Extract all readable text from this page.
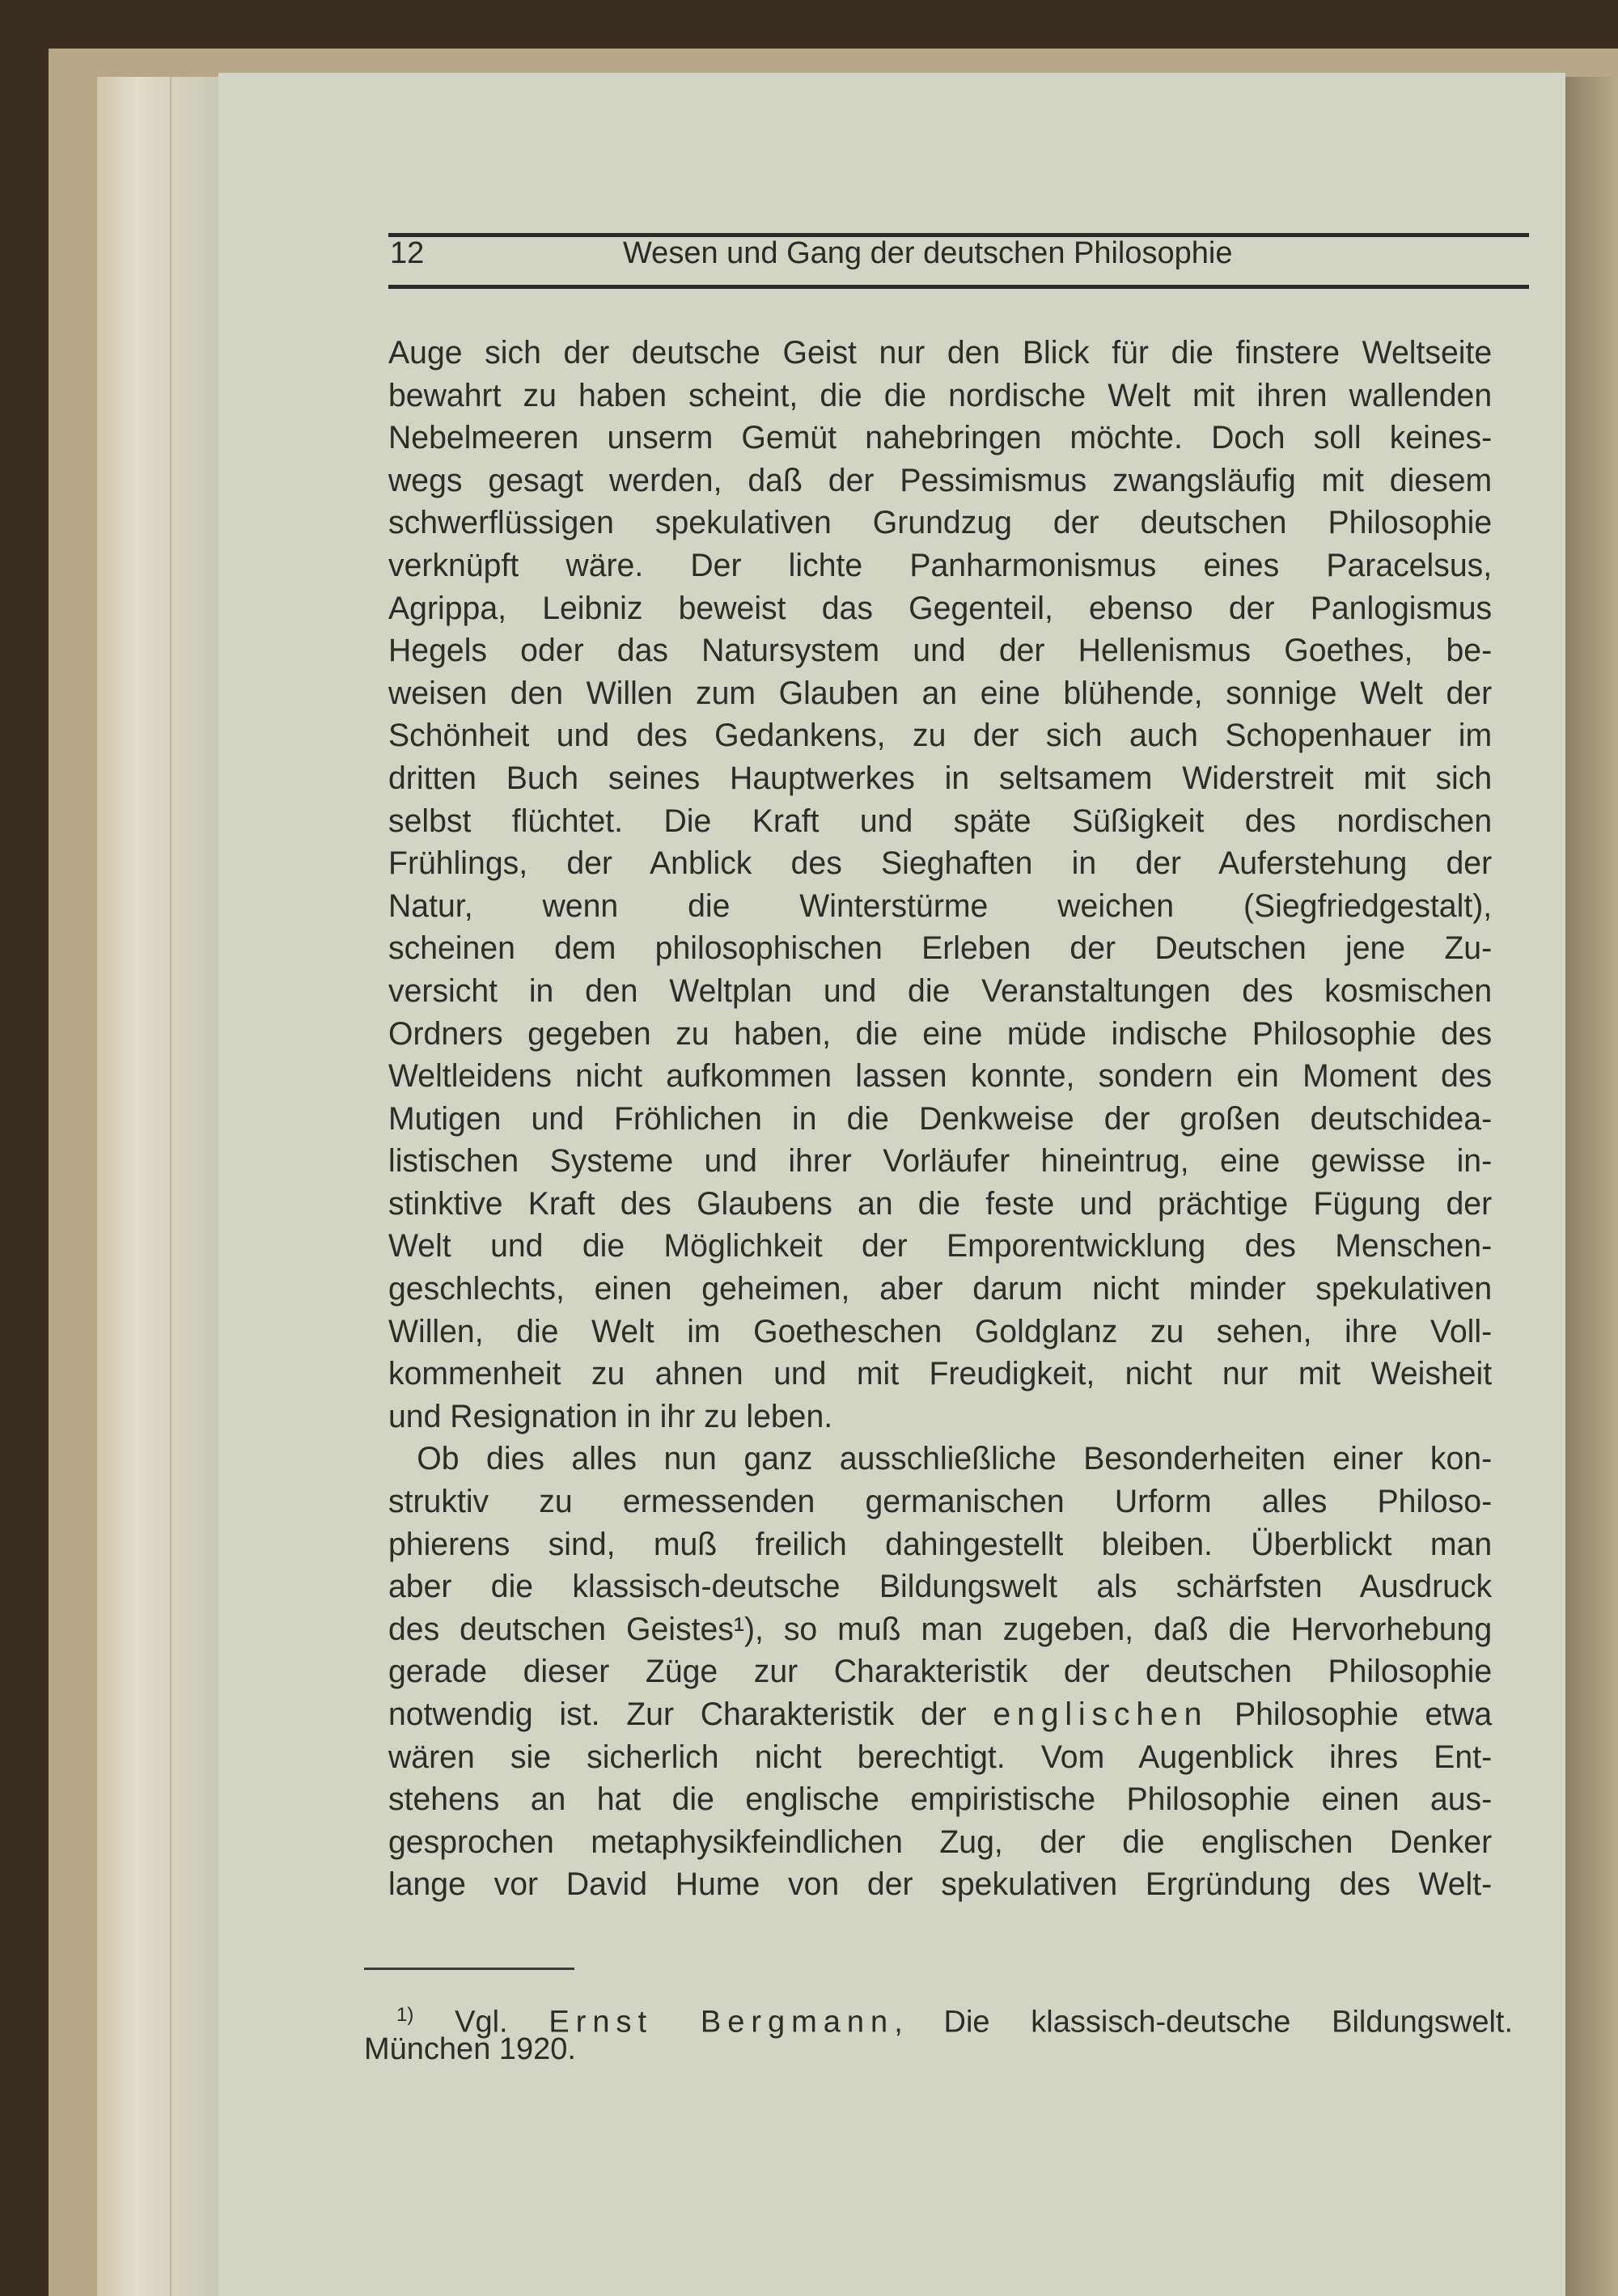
12	Wesen und Gang der deutschen Philosophie
Auge sich der deutsche Geist nur den Blick für die finstere Weltseite
bewahrt zu haben scheint, die die nordische Welt mit ihren wallenden
Nebelmeeren unserm Gemüt nahebringen möchte. Doch soll keines-
wegs gesagt werden, daß der Pessimismus zwangsläufig mit diesem
schwerflüssigen spekulativen Grundzug der deutschen Philosophie
verknüpft wäre. Der lichte Panharmonismus eines Paracelsus,
Agrippa, Leibniz beweist das Gegenteil, ebenso der Panlogismus
Hegels oder das Natursystem und der Hellenismus Goethes, be-
weisen den Willen zum Glauben an eine blühende, sonnige Welt der
Schönheit und des Gedankens, zu der sich auch Schopenhauer im
dritten Buch seines Hauptwerkes in seltsamem Widerstreit mit sich
selbst flüchtet. Die Kraft und späte Süßigkeit des nordischen
Frühlings, der Anblick des Sieghaften in der Auferstehung der
Natur, wenn die Winterstürme weichen (Siegfriedgestalt),
scheinen dem philosophischen Erleben der Deutschen jene Zu-
versicht in den Weltplan und die Veranstaltungen des kosmischen
Ordners gegeben zu haben, die eine müde indische Philosophie des
Weltleidens nicht aufkommen lassen konnte, sondern ein Moment des
Mutigen und Fröhlichen in die Denkweise der großen deutschidea-
listischen Systeme und ihrer Vorläufer hineintrug, eine gewisse in-
stinktive Kraft des Glaubens an die feste und prächtige Fügung der
Welt und die Möglichkeit der Emporentwicklung des Menschen-
geschlechts, einen geheimen, aber darum nicht minder spekulativen
Willen, die Welt im Goetheschen Goldglanz zu sehen, ihre Voll-
kommenheit zu ahnen und mit Freudigkeit, nicht nur mit Weisheit
und Resignation in ihr zu leben.
Ob dies alles nun ganz ausschließliche Besonderheiten einer kon-
struktiv zu ermessenden germanischen Urform alles Philoso-
phierens sind, muß freilich dahingestellt bleiben. Überblickt man
aber die klassisch-deutsche Bildungswelt als schärfsten Ausdruck
des deutschen Geistes¹), so muß man zugeben, daß die Hervorhebung
gerade dieser Züge zur Charakteristik der deutschen Philosophie
notwendig ist. Zur Charakteristik der englischen Philosophie etwa
wären sie sicherlich nicht berechtigt. Vom Augenblick ihres Ent-
stehens an hat die englische empiristische Philosophie einen aus-
gesprochen metaphysikfeindlichen Zug, der die englischen Denker
lange vor David Hume von der spekulativen Ergründung des Welt-
$^{1)}$ Vgl. Ernst Bergmann, Die klassisch-deutsche Bildungswelt.
München 1920.
